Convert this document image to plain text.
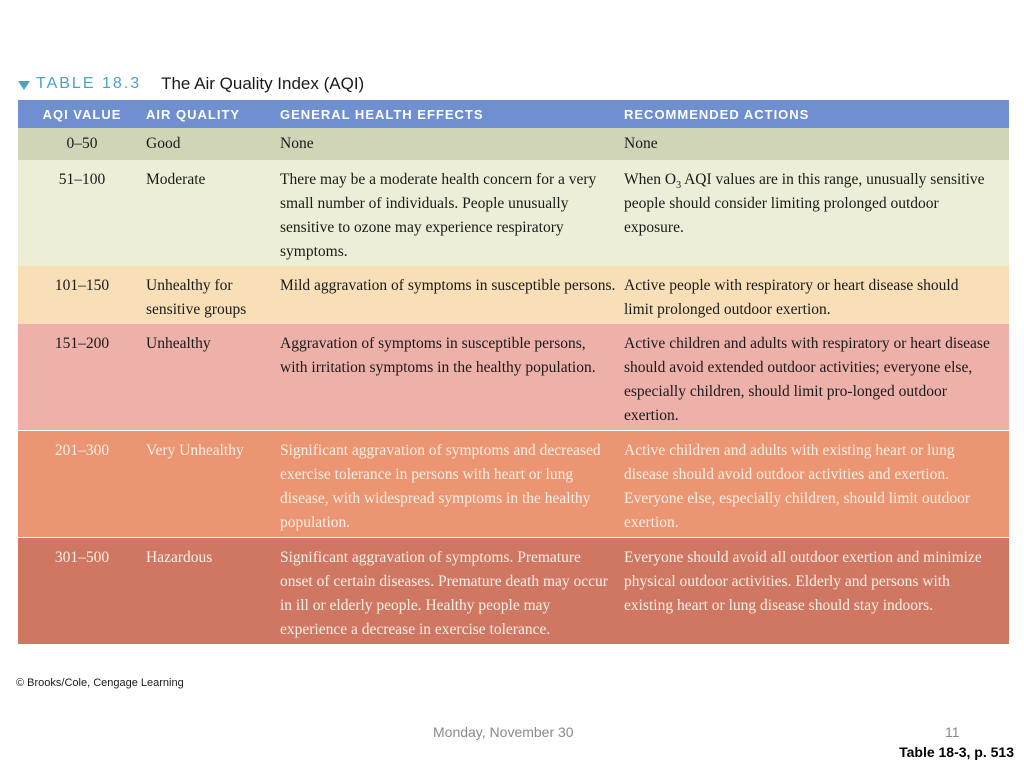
TABLE 18.3 The Air Quality Index (AQI)
AQI VALUE	AIR QUALITY	GENERAL HEALTH EFFECTS	RECOMMENDED ACTIONS
0–50	Good	None	None
51–100	Moderate	There may be a moderate health concern for a very small number of individuals. People unusually sensitive to ozone may experience respiratory symptoms.	When $O_3$ AQI values are in this range, unusually sensitive people should consider limiting prolonged outdoor exposure.
101–150	Unhealthy for sensitive groups	Mild aggravation of symptoms in susceptible persons.	Active people with respiratory or heart disease should limit prolonged outdoor exertion.
151–200	Unhealthy	Aggravation of symptoms in susceptible persons, with irritation symptoms in the healthy population.	Active children and adults with respiratory or heart disease should avoid extended outdoor activities; everyone else, especially children, should limit pro-longed outdoor exertion.
201–300	Very Unhealthy	Significant aggravation of symptoms and decreased exercise tolerance in persons with heart or lung disease, with widespread symptoms in the healthy population.	Active children and adults with existing heart or lung disease should avoid outdoor activities and exertion. Everyone else, especially children, should limit outdoor exertion.
301–500	Hazardous	Significant aggravation of symptoms. Premature onset of certain diseases. Premature death may occur in ill or elderly people. Healthy people may experience a decrease in exercise tolerance.	Everyone should avoid all outdoor exertion and minimize physical outdoor activities. Elderly and persons with existing heart or lung disease should stay indoors.
© Brooks/Cole, Cengage Learning
Monday, November 30	11
Table 18-3, p. 513
